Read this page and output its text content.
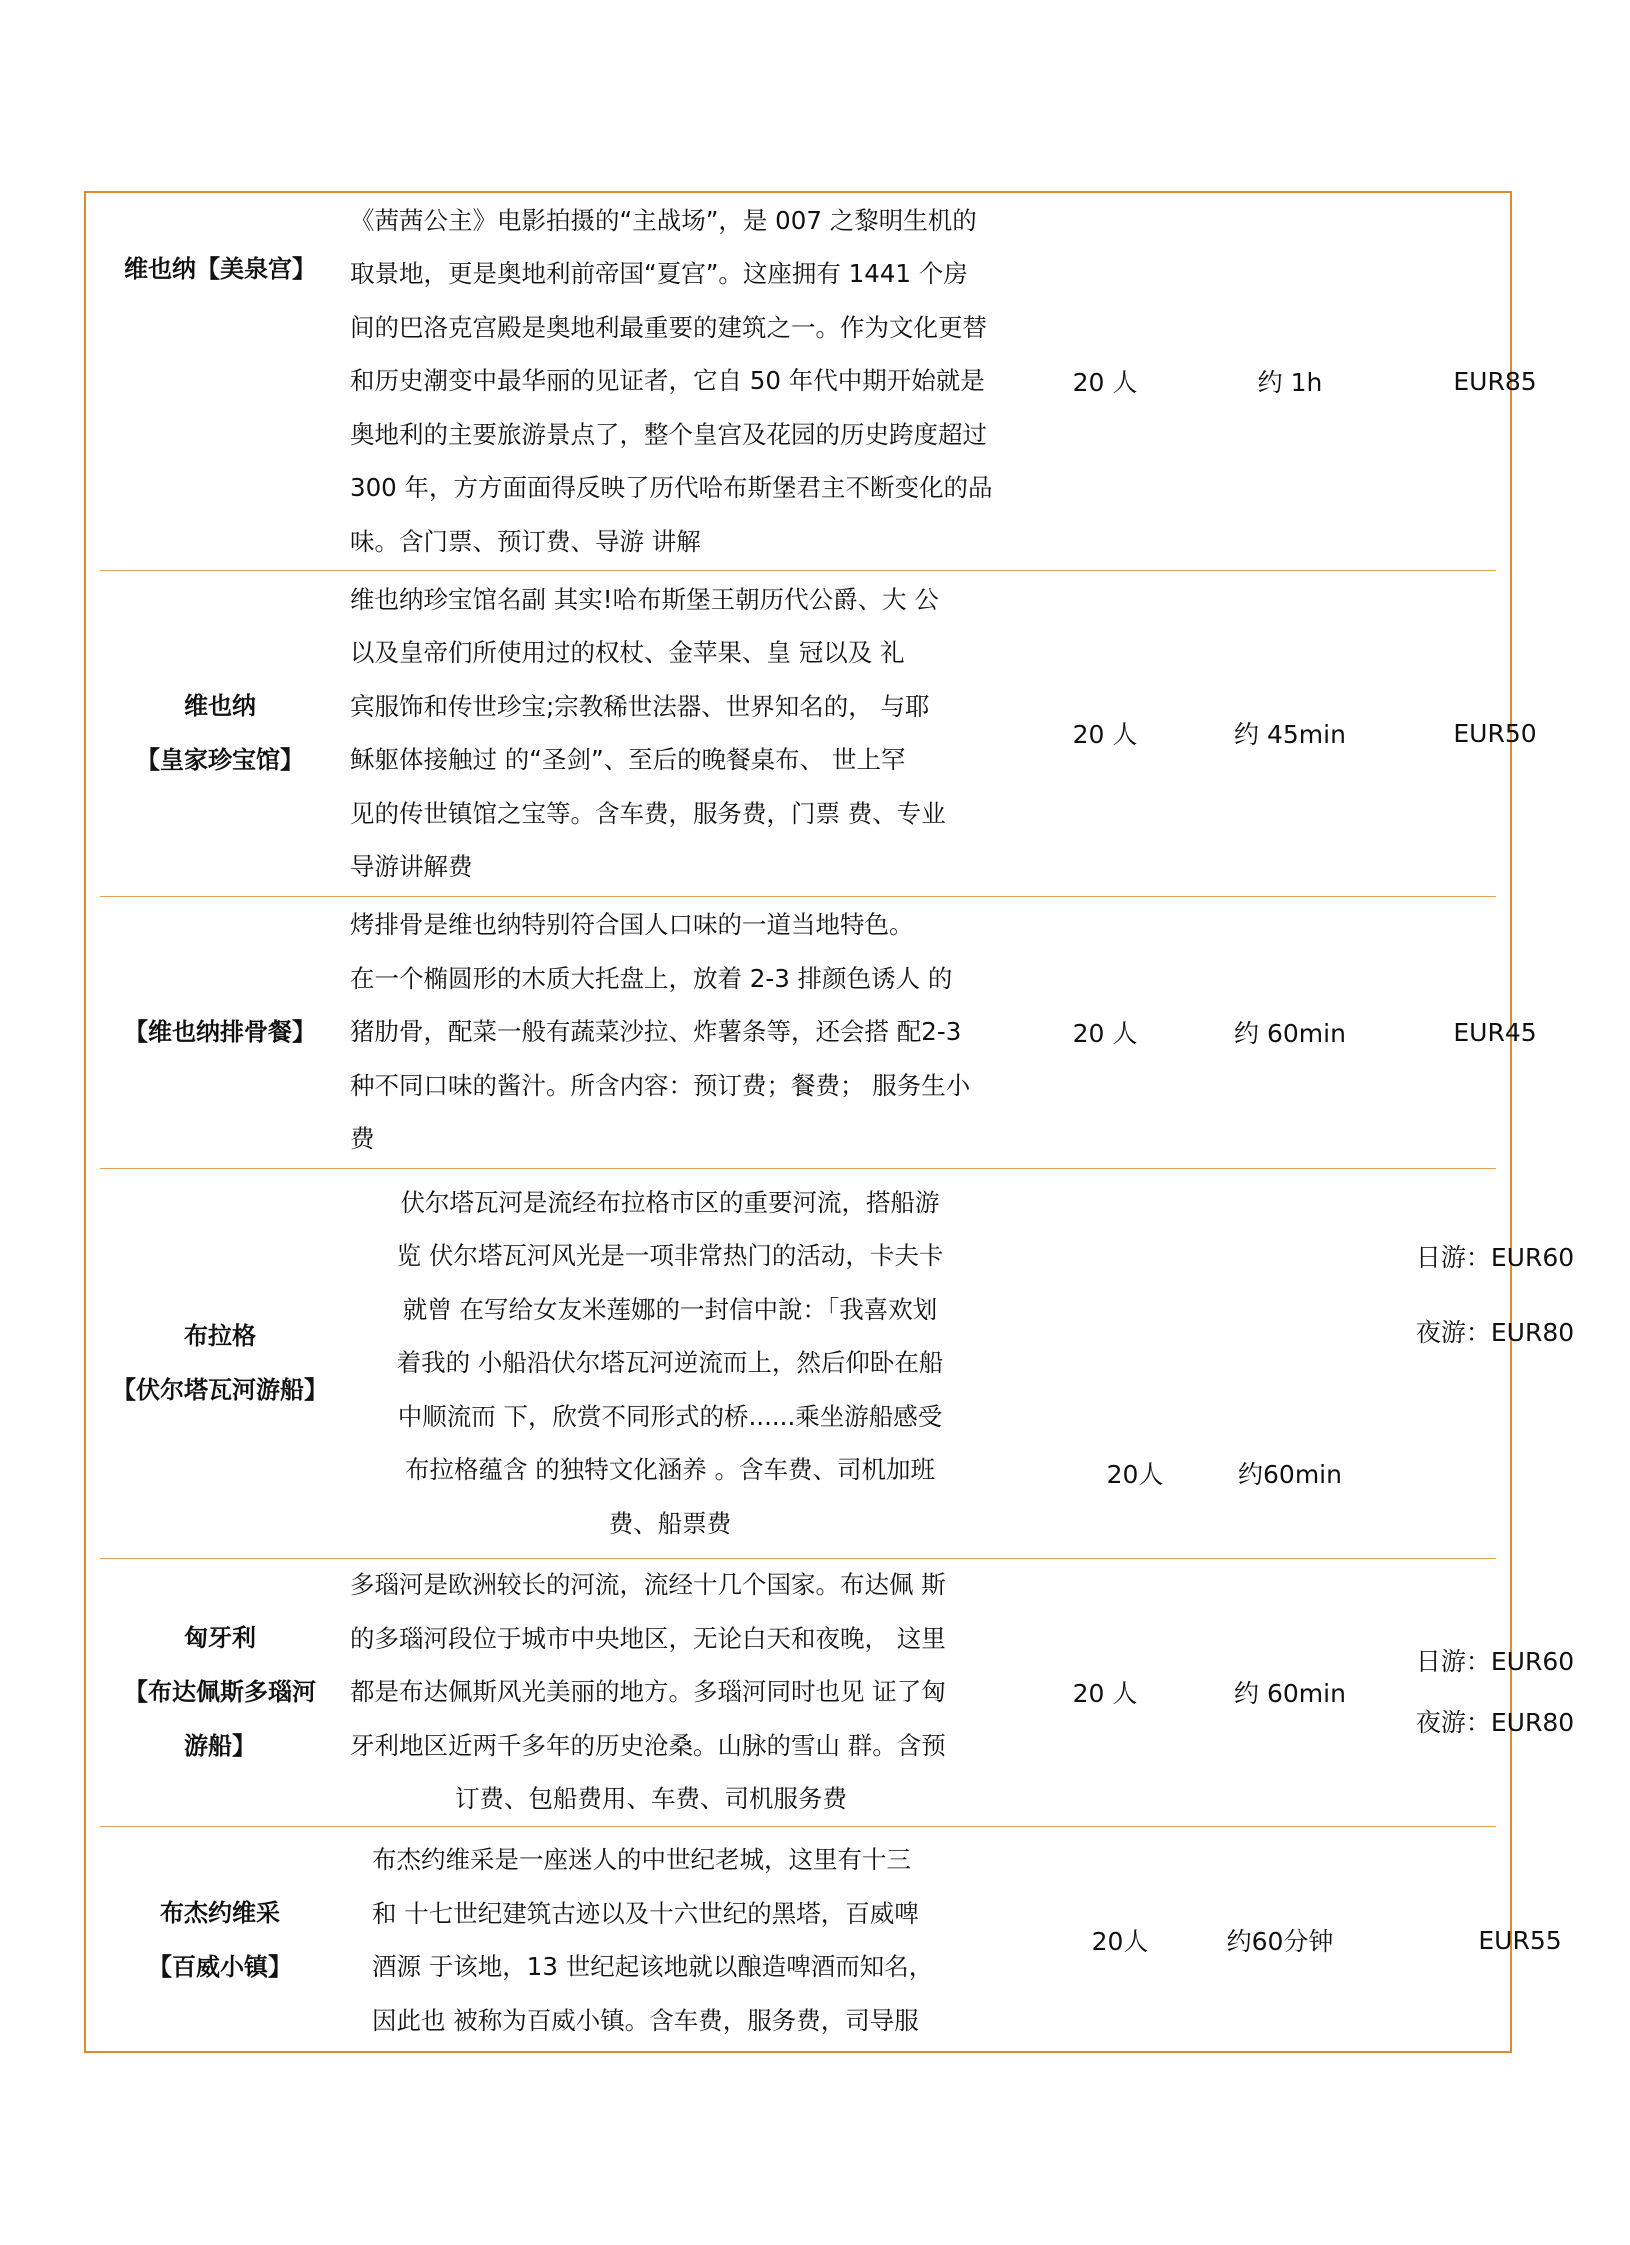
维也纳【美泉宫】
《茜茜公主》电影拍摄的“主战场”，是 007 之黎明生机的
取景地，更是奥地利前帝国“夏宫”。这座拥有 1441 个房
间的巴洛克宫殿是奥地利最重要的建筑之一。作为文化更替
和历史潮变中最华丽的见证者，它自 50 年代中期开始就是
奥地利的主要旅游景点了，整个皇宫及花园的历史跨度超过
300 年，方方面面得反映了历代哈布斯堡君主不断变化的品
味。含门票、预订费、导游 讲解
20 人	约 1h	EUR85
维也纳
【皇家珍宝馆】
维也纳珍宝馆名副 其实!哈布斯堡王朝历代公爵、大 公
以及皇帝们所使用过的权杖、金苹果、皇 冠以及 礼
宾服饰和传世珍宝;宗教稀世法器、世界知名的， 与耶
稣躯体接触过 的“圣剑”、至后的晚餐桌布、 世上罕
见的传世镇馆之宝等。含车费，服务费，门票 费、专业
导游讲解费
20 人	约 45min	EUR50
【维也纳排骨餐】
烤排骨是维也纳特别符合国人口味的一道当地特色。
在一个椭圆形的木质大托盘上，放着 2-3 排颜色诱人 的
猪肋骨，配菜一般有蔬菜沙拉、炸薯条等，还会搭 配2-3
种不同口味的酱汁。所含内容：预订费；餐费； 服务生小
费
20 人	约 60min	EUR45
布拉格
【伏尔塔瓦河游船】
伏尔塔瓦河是流经布拉格市区的重要河流，搭船游
览 伏尔塔瓦河风光是一项非常热门的活动，卡夫卡
就曾 在写给女友米莲娜的一封信中說：「我喜欢划
着我的 小船沿伏尔塔瓦河逆流而上，然后仰卧在船
中顺流而 下，欣赏不同形式的桥......乘坐游船感受
布拉格蕴含 的独特文化涵养 。含车费、司机加班
费、船票费
20人	约60min
日游：EUR60
夜游：EUR80
匈牙利
【布达佩斯多瑙河
游船】
多瑙河是欧洲较长的河流，流经十几个国家。布达佩 斯
的多瑙河段位于城市中央地区，无论白天和夜晚， 这里
都是布达佩斯风光美丽的地方。多瑙河同时也见 证了匈
牙利地区近两千多年的历史沧桑。山脉的雪山 群。含预
订费、包船费用、车费、司机服务费
20 人	约 60min
日游：EUR60
夜游：EUR80
布杰约维采
【百威小镇】
布杰约维采是一座迷人的中世纪老城，这里有十三
和 十七世纪建筑古迹以及十六世纪的黑塔，百威啤
酒源 于该地，13 世纪起该地就以酿造啤酒而知名，
因此也 被称为百威小镇。含车费，服务费，司导服
20人	约60分钟	EUR55
